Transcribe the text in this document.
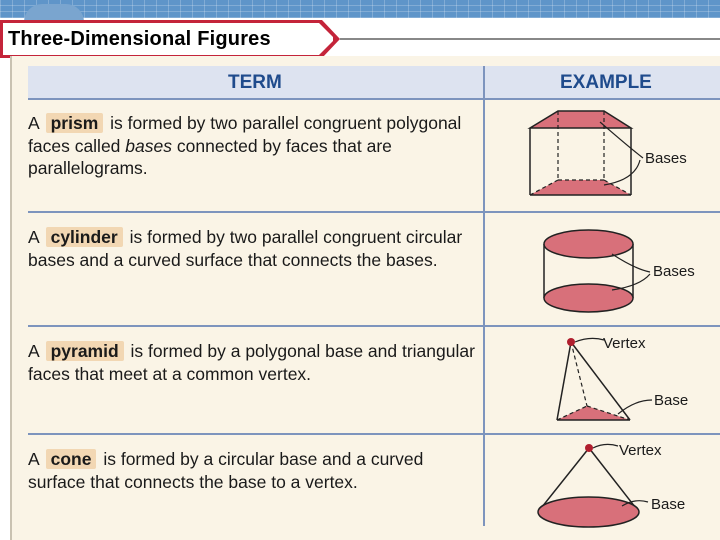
Three-Dimensional Figures
TERM	EXAMPLE
A prism is formed by two parallel congruent polygonal faces called bases connected by faces that are parallelograms.
A cylinder is formed by two parallel congruent circular bases and a curved surface that connects the bases.
A pyramid is formed by a polygonal base and triangular faces that meet at a common vertex.
A cone is formed by a circular base and a curved surface that connects the base to a vertex.
Bases
Bases
Vertex
Base
Vertex
Base
